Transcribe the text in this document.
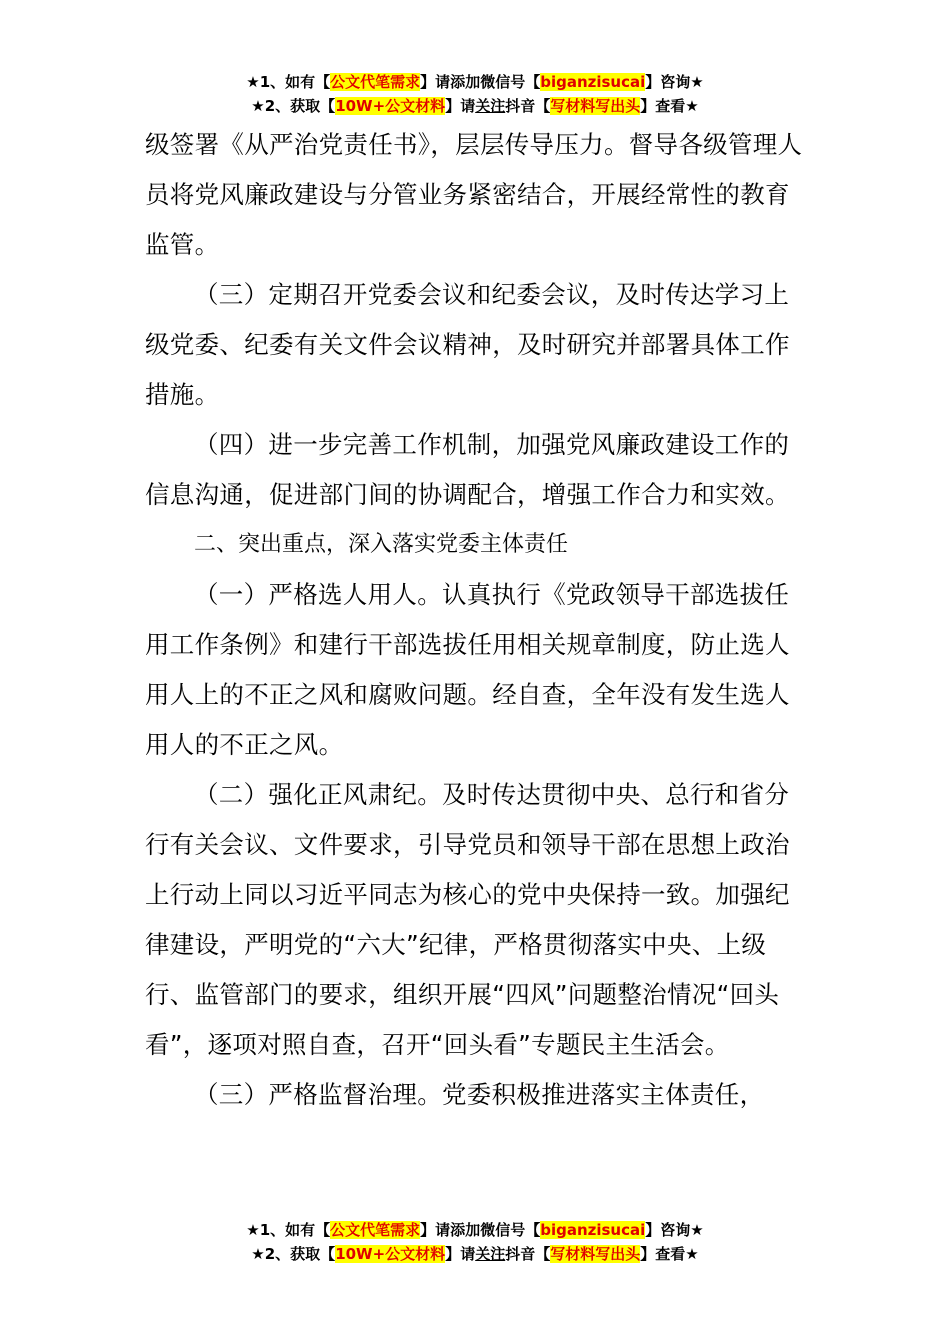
★1、如有【公文代笔需求】请添加微信号【biganzisucai】咨询★
★2、获取【10W+公文材料】请关注抖音【写材料写出头】查看★

级签署《从严治党责任书》，层层传导压力。督导各级管理人员将党风廉政建设与分管业务紧密结合，开展经常性的教育监管。

（三）定期召开党委会议和纪委会议，及时传达学习上级党委、纪委有关文件会议精神，及时研究并部署具体工作措施。

（四）进一步完善工作机制，加强党风廉政建设工作的信息沟通，促进部门间的协调配合，增强工作合力和实效。

二、突出重点，深入落实党委主体责任

（一）严格选人用人。认真执行《党政领导干部选拔任用工作条例》和建行干部选拔任用相关规章制度，防止选人用人上的不正之风和腐败问题。经自查，全年没有发生选人用人的不正之风。

（二）强化正风肃纪。及时传达贯彻中央、总行和省分行有关会议、文件要求，引导党员和领导干部在思想上政治上行动上同以习近平同志为核心的党中央保持一致。加强纪律建设，严明党的“六大”纪律，严格贯彻落实中央、上级行、监管部门的要求，组织开展“四风”问题整治情况“回头看”，逐项对照自查，召开“回头看”专题民主生活会。

（三）严格监督治理。党委积极推进落实主体责任，

★1、如有【公文代笔需求】请添加微信号【biganzisucai】咨询★
★2、获取【10W+公文材料】请关注抖音【写材料写出头】查看★
